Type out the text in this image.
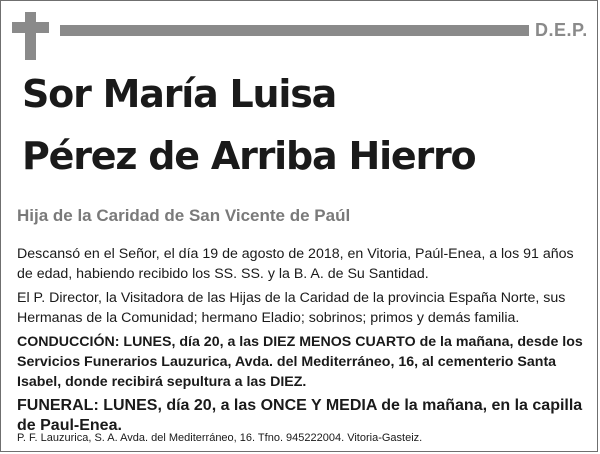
D.E.P.
Sor María Luisa
Pérez de Arriba Hierro
Hija de la Caridad de San Vicente de Paúl

Descansó en el Señor, el día 19 de agosto de 2018, en Vitoria, Paúl-Enea, a los 91 años de edad, habiendo recibido los SS. SS. y la B. A. de Su Santidad.

El P. Director, la Visitadora de las Hijas de la Caridad de la provincia España Norte, sus Hermanas de la Comunidad; hermano Eladio; sobrinos; primos y demás familia.

CONDUCCIÓN: LUNES, día 20, a las DIEZ MENOS CUARTO de la mañana, desde los Servicios Funerarios Lauzurica, Avda. del Mediterráneo, 16, al cementerio Santa Isabel, donde recibirá sepultura a las DIEZ.

FUNERAL: LUNES, día 20, a las ONCE Y MEDIA de la mañana, en la capilla de Paul-Enea.

P. F. Lauzurica, S. A. Avda. del Mediterráneo, 16. Tfno. 945222004. Vitoria-Gasteiz.
